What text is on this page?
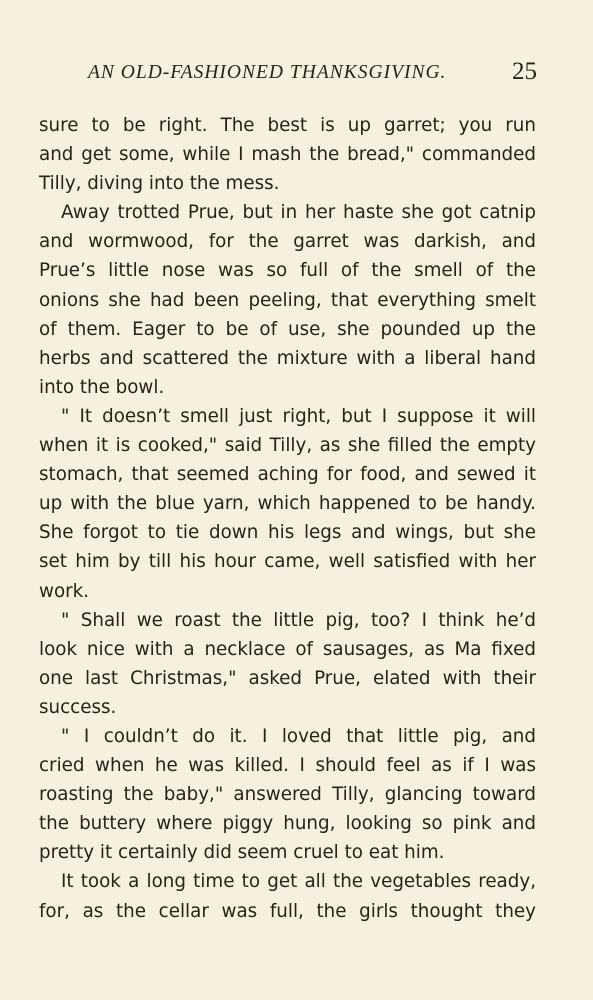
AN OLD-FASHIONED THANKSGIVING.	25
sure to be right. The best is up garret; you run
and get some, while I mash the bread," commanded
Tilly, diving into the mess.
Away trotted Prue, but in her haste she got catnip
and wormwood, for the garret was darkish, and
Prue’s little nose was so full of the smell of the
onions she had been peeling, that everything smelt
of them. Eager to be of use, she pounded up the
herbs and scattered the mixture with a liberal hand
into the bowl.
" It doesn’t smell just right, but I suppose it will
when it is cooked," said Tilly, as she filled the empty
stomach, that seemed aching for food, and sewed it
up with the blue yarn, which happened to be handy.
She forgot to tie down his legs and wings, but she
set him by till his hour came, well satisfied with her
work.
" Shall we roast the little pig, too? I think he’d
look nice with a necklace of sausages, as Ma fixed
one last Christmas," asked Prue, elated with their
success.
" I couldn’t do it. I loved that little pig, and
cried when he was killed. I should feel as if I was
roasting the baby," answered Tilly, glancing toward
the buttery where piggy hung, looking so pink and
pretty it certainly did seem cruel to eat him.
It took a long time to get all the vegetables ready,
for, as the cellar was full, the girls thought they
